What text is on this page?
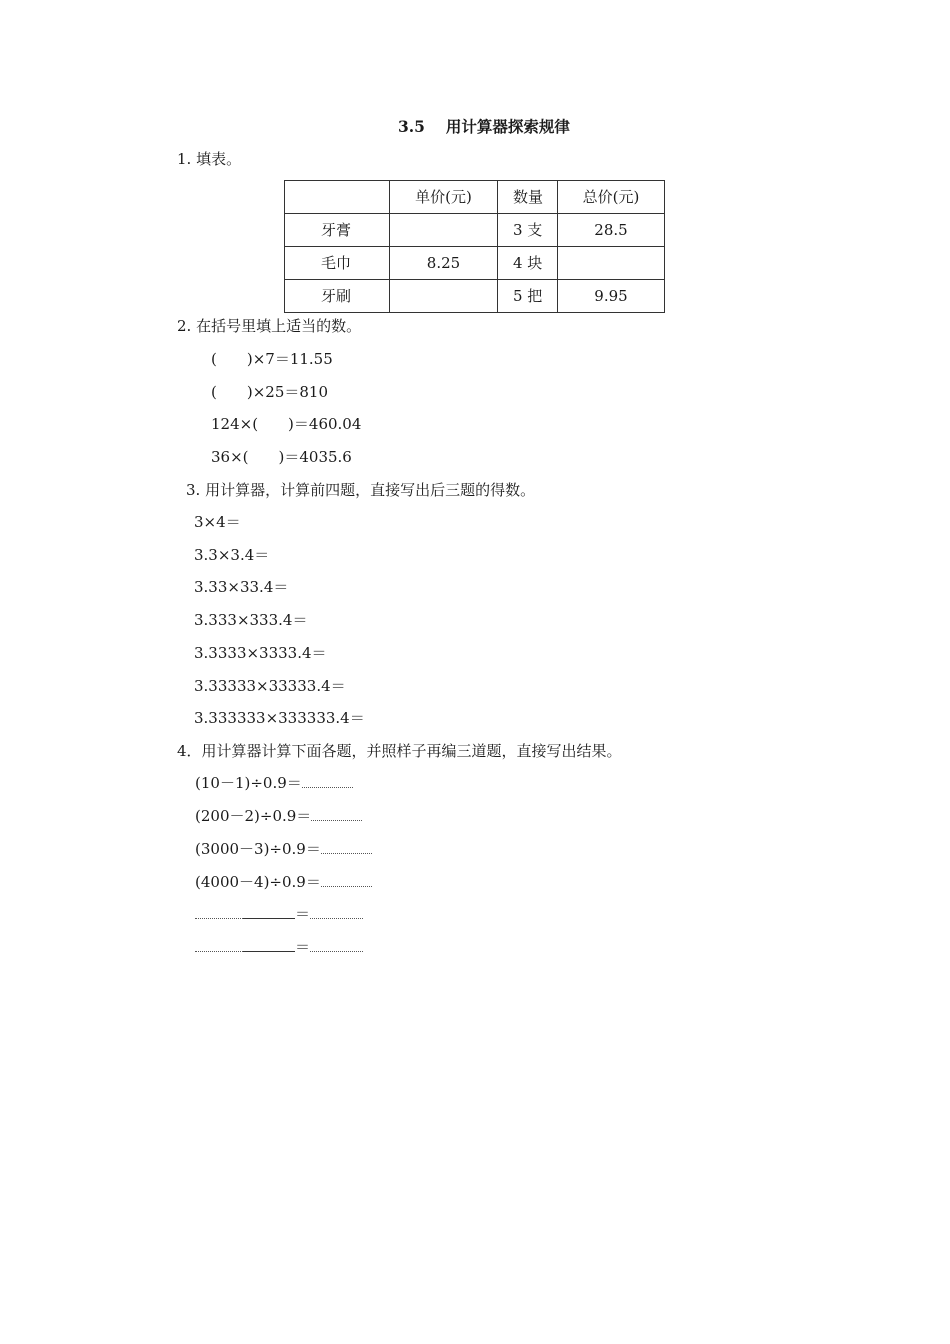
3.5　 用计算器探索规律
1. 填表。
	单价(元)	数量	总价(元)
牙膏		3 支	28.5
毛巾	8.25	4 块	
牙刷		5 把	9.95
2. 在括号里填上适当的数。
(　　)×7＝11.55
(　　)×25＝810
124×(　　)＝460.04
36×(　　)＝4035.6
3. 用计算器，计算前四题，直接写出后三题的得数。
3×4＝
3.3×3.4＝
3.33×33.4＝
3.333×333.4＝
3.3333×3333.4＝
3.33333×33333.4＝
3.333333×333333.4＝
4．用计算器计算下面各题，并照样子再编三道题，直接写出结果。
(10－1)÷0.9＝
(200－2)÷0.9＝
(3000－3)÷0.9＝
(4000－4)÷0.9＝
＝
＝
